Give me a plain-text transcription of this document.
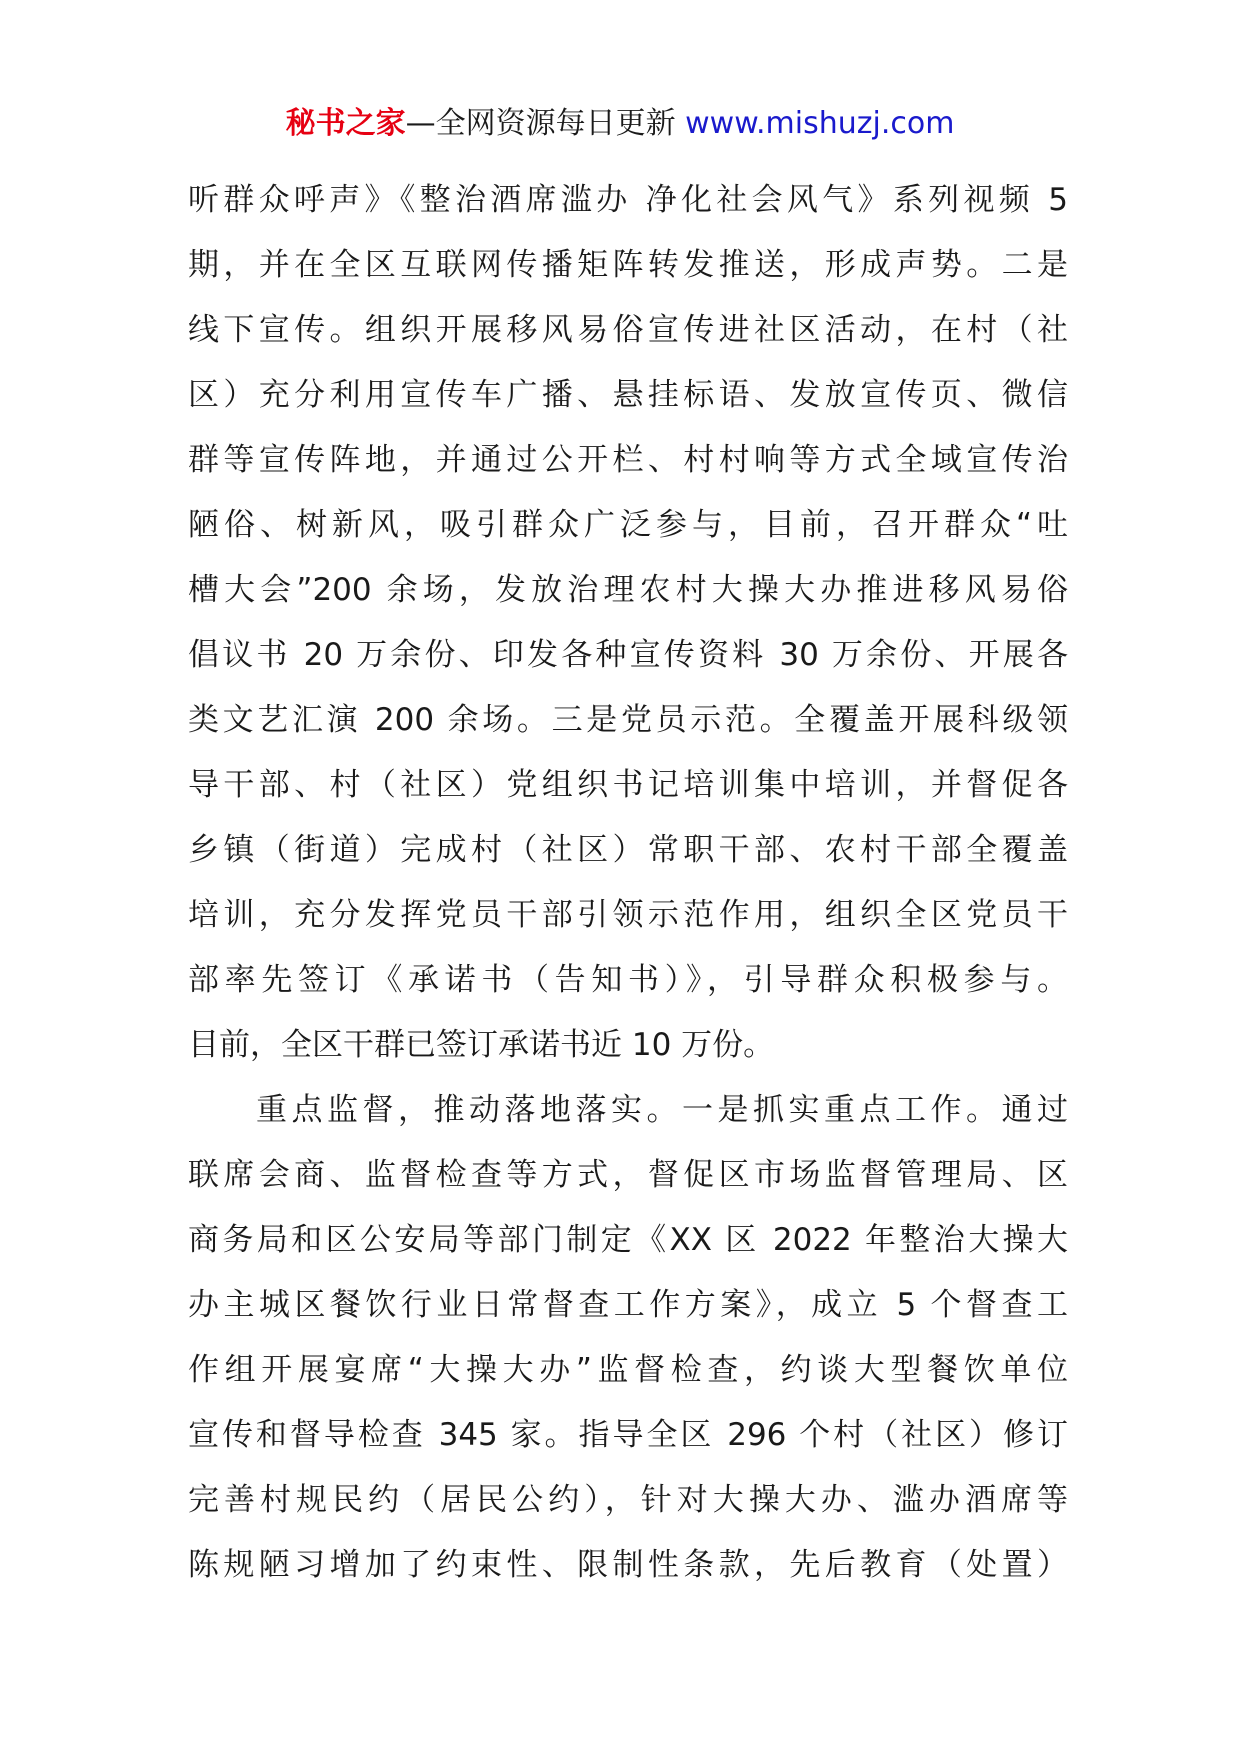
秘书之家—全网资源每日更新 www.mishuzj.com
听群众呼声》《整治酒席滥办 净化社会风气》系列视频 5
期，并在全区互联网传播矩阵转发推送，形成声势。二是
线下宣传。组织开展移风易俗宣传进社区活动，在村（社
区）充分利用宣传车广播、悬挂标语、发放宣传页、微信
群等宣传阵地，并通过公开栏、村村响等方式全域宣传治
陋俗、树新风，吸引群众广泛参与，目前，召开群众“吐
槽大会”200 余场，发放治理农村大操大办推进移风易俗
倡议书 20 万余份、印发各种宣传资料 30 万余份、开展各
类文艺汇演 200 余场。三是党员示范。全覆盖开展科级领
导干部、村（社区）党组织书记培训集中培训，并督促各
乡镇（街道）完成村（社区）常职干部、农村干部全覆盖
培训，充分发挥党员干部引领示范作用，组织全区党员干
部率先签订《承诺书（告知书）》，引导群众积极参与。
目前，全区干群已签订承诺书近 10 万份。
重点监督，推动落地落实。一是抓实重点工作。通过
联席会商、监督检查等方式，督促区市场监督管理局、区
商务局和区公安局等部门制定《XX 区 2022 年整治大操大
办主城区餐饮行业日常督查工作方案》，成立 5 个督查工
作组开展宴席“大操大办”监督检查，约谈大型餐饮单位
宣传和督导检查 345 家。指导全区 296 个村（社区）修订
完善村规民约（居民公约），针对大操大办、滥办酒席等
陈规陋习增加了约束性、限制性条款，先后教育（处置）
